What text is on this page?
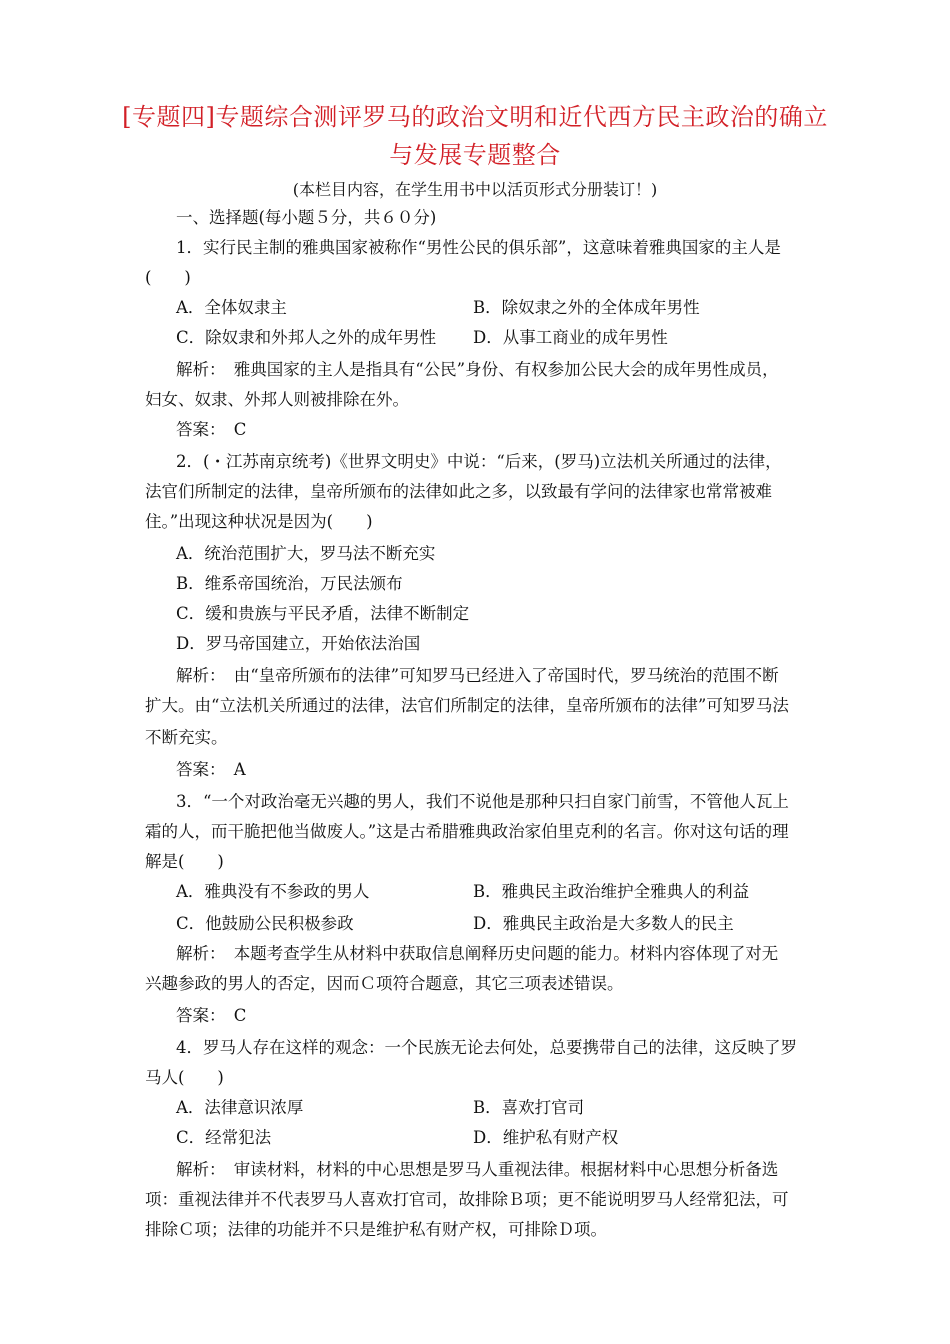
[专题四]专题综合测评罗马的政治文明和近代西方民主政治的确立
与发展专题整合
(本栏目内容，在学生用书中以活页形式分册装订！)
一、选择题(每小题５分，共６０分)
1．实行民主制的雅典国家被称作“男性公民的俱乐部”，这意味着雅典国家的主人是
(　　)
A．全体奴隶主	B．除奴隶之外的全体成年男性
C．除奴隶和外邦人之外的成年男性 D．从事工商业的成年男性
解析：　雅典国家的主人是指具有“公民”身份、有权参加公民大会的成年男性成员，
妇女、奴隶、外邦人则被排除在外。
答案：　C
2．(・江苏南京统考)《世界文明史》中说：“后来，(罗马)立法机关所通过的法律，
法官们所制定的法律，皇帝所颁布的法律如此之多，以致最有学问的法律家也常常被难
住。”出现这种状况是因为(　　)
A．统治范围扩大，罗马法不断充实
B．维系帝国统治，万民法颁布
C．缓和贵族与平民矛盾，法律不断制定
D．罗马帝国建立，开始依法治国
解析：　由“皇帝所颁布的法律”可知罗马已经进入了帝国时代，罗马统治的范围不断
扩大。由“立法机关所通过的法律，法官们所制定的法律，皇帝所颁布的法律”可知罗马法
不断充实。
答案：　A
3．“一个对政治毫无兴趣的男人，我们不说他是那种只扫自家门前雪，不管他人瓦上
霜的人，而干脆把他当做废人。”这是古希腊雅典政治家伯里克利的名言。你对这句话的理
解是(　　)
A．雅典没有不参政的男人	B．雅典民主政治维护全雅典人的利益
C．他鼓励公民积极参政	D．雅典民主政治是大多数人的民主
解析：　本题考查学生从材料中获取信息阐释历史问题的能力。材料内容体现了对无
兴趣参政的男人的否定，因而Ｃ项符合题意，其它三项表述错误。
答案：　C
4．罗马人存在这样的观念：一个民族无论去何处，总要携带自己的法律，这反映了罗
马人(　　)
A．法律意识浓厚	B．喜欢打官司
C．经常犯法	D．维护私有财产权
解析：　审读材料，材料的中心思想是罗马人重视法律。根据材料中心思想分析备选
项：重视法律并不代表罗马人喜欢打官司，故排除Ｂ项；更不能说明罗马人经常犯法，可
排除Ｃ项；法律的功能并不只是维护私有财产权，可排除Ｄ项。
